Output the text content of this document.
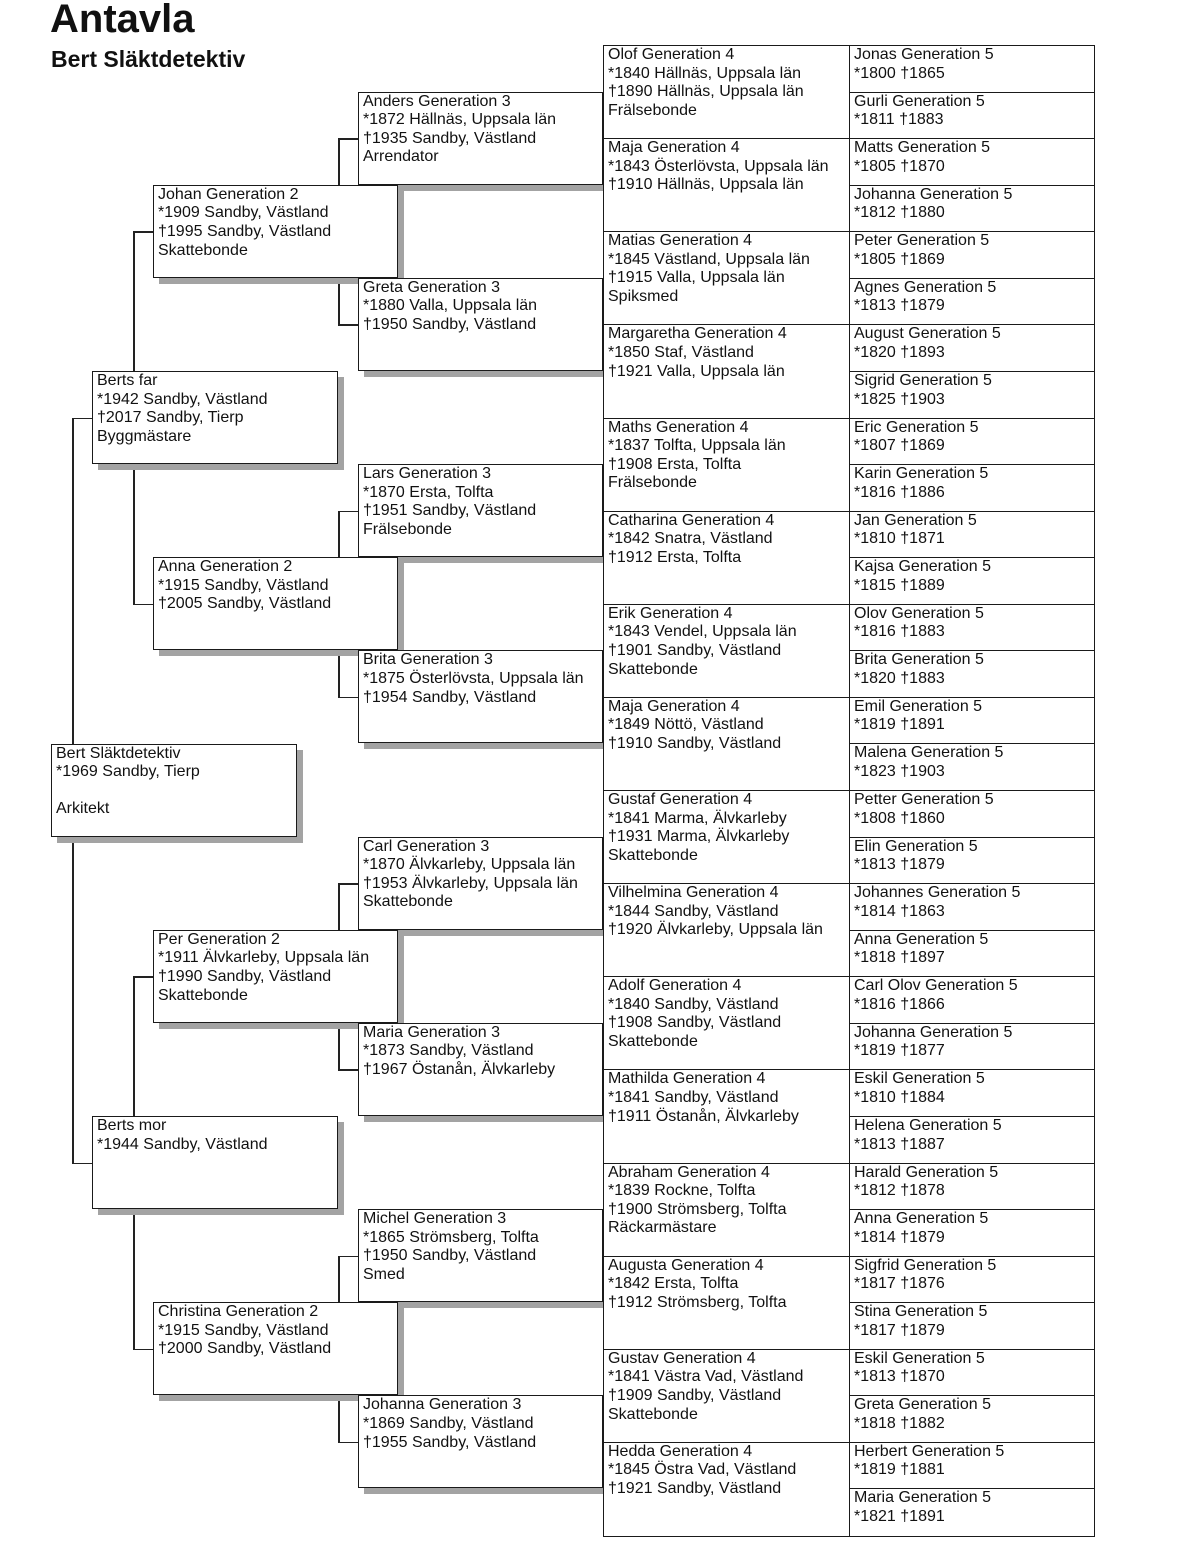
Antavla
Bert Släktdetektiv
Bert Släktdetektiv
*1969 Sandby, Tierp
Arkitekt
Berts far
*1942 Sandby, Västland
†2017 Sandby, Tierp
Byggmästare
Berts mor
*1944 Sandby, Västland
Johan Generation 2
*1909 Sandby, Västland
†1995 Sandby, Västland
Skattebonde
Anna Generation 2
*1915 Sandby, Västland
†2005 Sandby, Västland
Per Generation 2
*1911 Älvkarleby, Uppsala län
†1990 Sandby, Västland
Skattebonde
Christina Generation 2
*1915 Sandby, Västland
†2000 Sandby, Västland
Anders Generation 3
*1872 Hällnäs, Uppsala län
†1935 Sandby, Västland
Arrendator
Greta Generation 3
*1880 Valla, Uppsala län
†1950 Sandby, Västland
Lars Generation 3
*1870 Ersta, Tolfta
†1951 Sandby, Västland
Frälsebonde
Brita Generation 3
*1875 Österlövsta, Uppsala län
†1954 Sandby, Västland
Carl Generation 3
*1870 Älvkarleby, Uppsala län
†1953 Älvkarleby, Uppsala län
Skattebonde
Maria Generation 3
*1873 Sandby, Västland
†1967 Östanån, Älvkarleby
Michel Generation 3
*1865 Strömsberg, Tolfta
†1950 Sandby, Västland
Smed
Johanna Generation 3
*1869 Sandby, Västland
†1955 Sandby, Västland
Olof Generation 4
*1840 Hällnäs, Uppsala län
†1890 Hällnäs, Uppsala län
Frälsebonde
Maja Generation 4
*1843 Österlövsta, Uppsala län
†1910 Hällnäs, Uppsala län
Matias Generation 4
*1845 Västland, Uppsala län
†1915 Valla, Uppsala län
Spiksmed
Margaretha Generation 4
*1850 Staf, Västland
†1921 Valla, Uppsala län
Maths Generation 4
*1837 Tolfta, Uppsala län
†1908 Ersta, Tolfta
Frälsebonde
Catharina Generation 4
*1842 Snatra, Västland
†1912 Ersta, Tolfta
Erik Generation 4
*1843 Vendel, Uppsala län
†1901 Sandby, Västland
Skattebonde
Maja Generation 4
*1849 Nöttö, Västland
†1910 Sandby, Västland
Gustaf Generation 4
*1841 Marma, Älvkarleby
†1931 Marma, Älvkarleby
Skattebonde
Vilhelmina Generation 4
*1844 Sandby, Västland
†1920 Älvkarleby, Uppsala län
Adolf Generation 4
*1840 Sandby, Västland
†1908 Sandby, Västland
Skattebonde
Mathilda Generation 4
*1841 Sandby, Västland
†1911 Östanån, Älvkarleby
Abraham Generation 4
*1839 Rockne, Tolfta
†1900 Strömsberg, Tolfta
Räckarmästare
Augusta Generation 4
*1842 Ersta, Tolfta
†1912 Strömsberg, Tolfta
Gustav Generation 4
*1841 Västra Vad, Västland
†1909 Sandby, Västland
Skattebonde
Hedda Generation 4
*1845 Östra Vad, Västland
†1921 Sandby, Västland
Jonas Generation 5
*1800 †1865
Gurli Generation 5
*1811 †1883
Matts Generation 5
*1805 †1870
Johanna Generation 5
*1812 †1880
Peter Generation 5
*1805 †1869
Agnes Generation 5
*1813 †1879
August Generation 5
*1820 †1893
Sigrid Generation 5
*1825 †1903
Eric Generation 5
*1807 †1869
Karin Generation 5
*1816 †1886
Jan Generation 5
*1810 †1871
Kajsa Generation 5
*1815 †1889
Olov Generation 5
*1816 †1883
Brita Generation 5
*1820 †1883
Emil Generation 5
*1819 †1891
Malena Generation 5
*1823 †1903
Petter Generation 5
*1808 †1860
Elin Generation 5
*1813 †1879
Johannes Generation 5
*1814 †1863
Anna Generation 5
*1818 †1897
Carl Olov Generation 5
*1816 †1866
Johanna Generation 5
*1819 †1877
Eskil Generation 5
*1810 †1884
Helena Generation 5
*1813 †1887
Harald Generation 5
*1812 †1878
Anna Generation 5
*1814 †1879
Sigfrid Generation 5
*1817 †1876
Stina Generation 5
*1817 †1879
Eskil Generation 5
*1813 †1870
Greta Generation 5
*1818 †1882
Herbert Generation 5
*1819 †1881
Maria Generation 5
*1821 †1891
